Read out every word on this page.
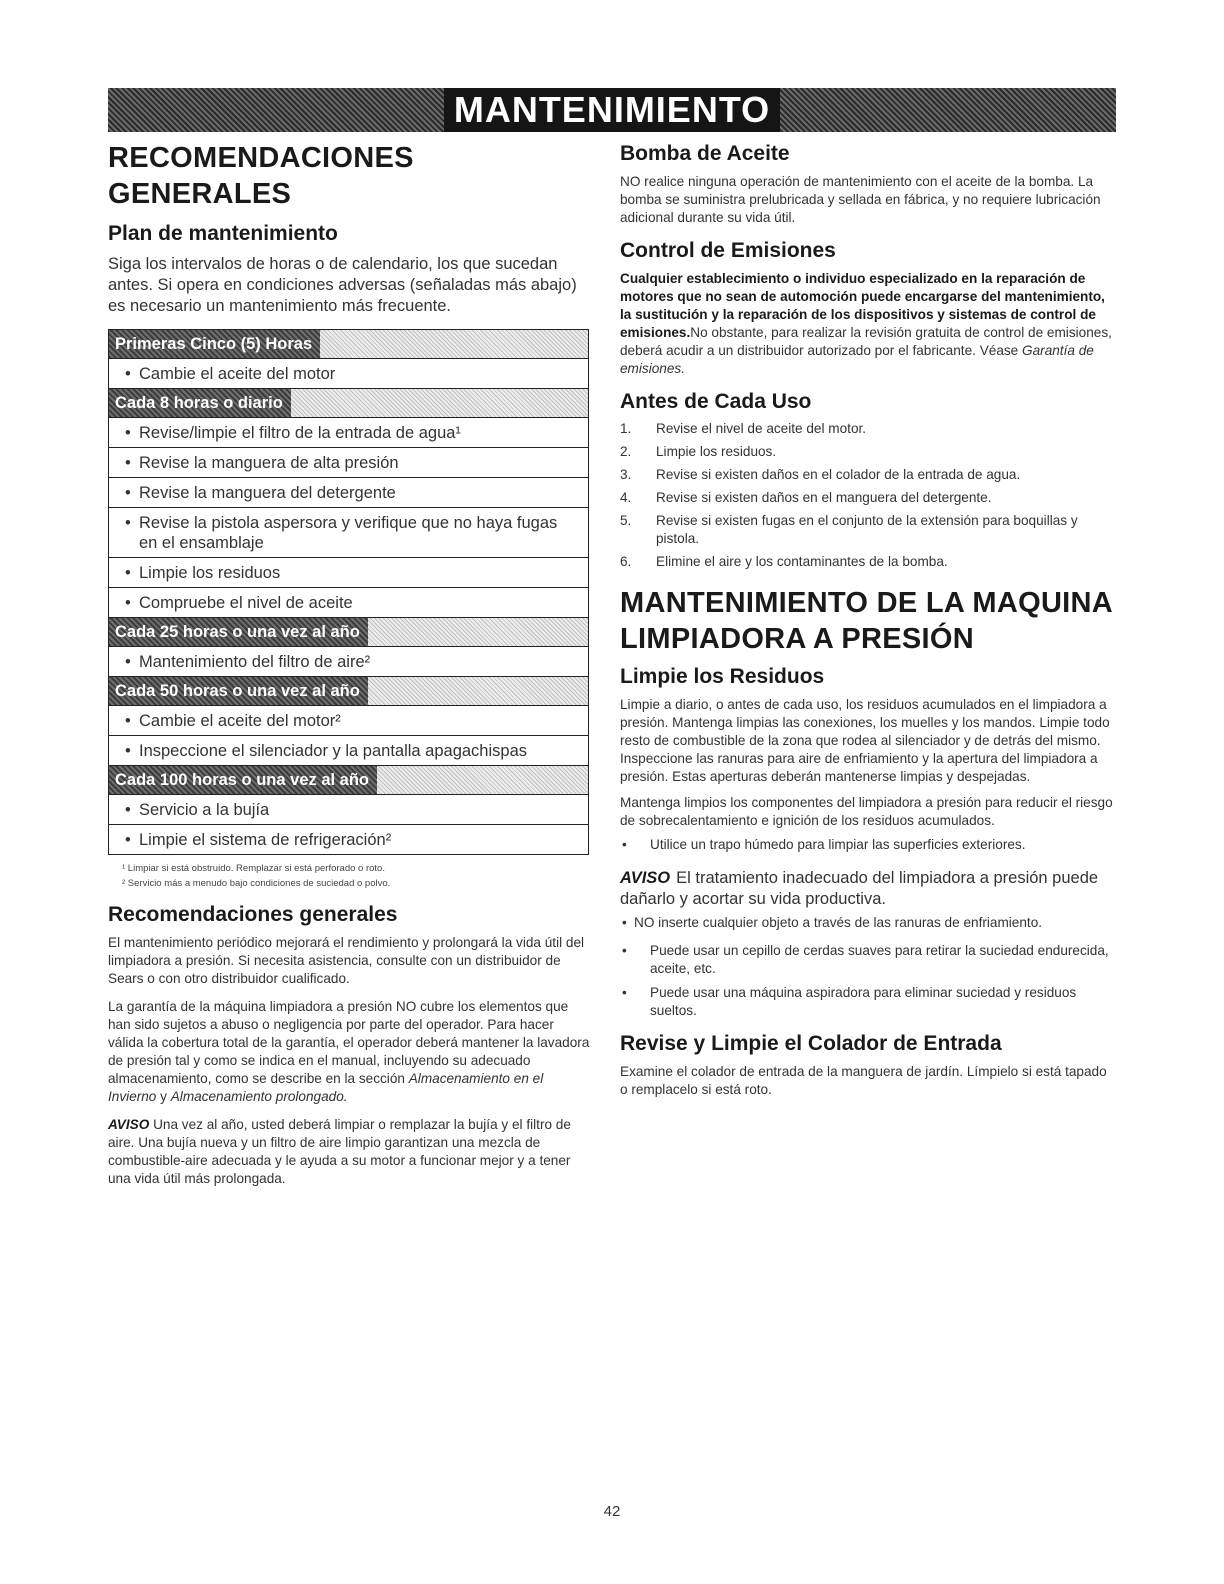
MANTENIMIENTO
RECOMENDACIONES GENERALES
Plan de mantenimiento

Siga los intervalos de horas o de calendario, los que sucedan antes. Si opera en condiciones adversas (señaladas más abajo) es necesario un mantenimiento más frecuente.

Primeras Cinco (5) Horas
• Cambie el aceite del motor
Cada 8 horas o diario
• Revise/limpie el filtro de la entrada de agua¹
• Revise la manguera de alta presión
• Revise la manguera del detergente
• Revise la pistola aspersora y verifique que no haya fugas en el ensamblaje
• Limpie los residuos
• Compruebe el nivel de aceite
Cada 25 horas o una vez al año
• Mantenimiento del filtro de aire²
Cada 50 horas o una vez al año
• Cambie el aceite del motor²
• Inspeccione el silenciador y la pantalla apagachispas
Cada 100 horas o una vez al año
• Servicio a la bujía
• Limpie el sistema de refrigeración²
¹ Limpiar si está obstruido. Remplazar si está perforado o roto.
² Servicio más a menudo bajo condiciones de suciedad o polvo.
Recomendaciones generales

El mantenimiento periódico mejorará el rendimiento y prolongará la vida útil del limpiadora a presión. Si necesita asistencia, consulte con un distribuidor de Sears o con otro distribuidor cualificado.

La garantía de la máquina limpiadora a presión NO cubre los elementos que han sido sujetos a abuso o negligencia por parte del operador. Para hacer válida la cobertura total de la garantía, el operador deberá mantener la lavadora de presión tal y como se indica en el manual, incluyendo su adecuado almacenamiento, como se describe en la sección Almacenamiento en el Invierno y Almacenamiento prolongado.

AVISO Una vez al año, usted deberá limpiar o remplazar la bujía y el filtro de aire. Una bujía nueva y un filtro de aire limpio garantizan una mezcla de combustible-aire adecuada y le ayuda a su motor a funcionar mejor y a tener una vida útil más prolongada.

Bomba de Aceite

NO realice ninguna operación de mantenimiento con el aceite de la bomba. La bomba se suministra prelubricada y sellada en fábrica, y no requiere lubricación adicional durante su vida útil.

Control de Emisiones

Cualquier establecimiento o individuo especializado en la reparación de motores que no sean de automoción puede encargarse del mantenimiento, la sustitución y la reparación de los dispositivos y sistemas de control de emisiones.No obstante, para realizar la revisión gratuita de control de emisiones, deberá acudir a un distribuidor autorizado por el fabricante. Véase Garantía de emisiones.

Antes de Cada Uso
1. Revise el nivel de aceite del motor.
2. Limpie los residuos.
3. Revise si existen daños en el colador de la entrada de agua.
4. Revise si existen daños en el manguera del detergente.
5. Revise si existen fugas en el conjunto de la extensión para boquillas y pistola.
6. Elimine el aire y los contaminantes de la bomba.
MANTENIMIENTO DE LA MAQUINA
LIMPIADORA A PRESIÓN
Limpie los Residuos

Limpie a diario, o antes de cada uso, los residuos acumulados en el limpiadora a presión. Mantenga limpias las conexiones, los muelles y los mandos. Limpie todo resto de combustible de la zona que rodea al silenciador y de detrás del mismo. Inspeccione las ranuras para aire de enfriamiento y la apertura del limpiadora a presión. Estas aperturas deberán mantenerse limpias y despejadas.

Mantenga limpios los componentes del limpiadora a presión para reducir el riesgo de sobrecalentamiento e ignición de los residuos acumulados.

• Utilice un trapo húmedo para limpiar las superficies exteriores.
AVISO El tratamiento inadecuado del limpiadora a presión puede dañarlo y acortar su vida productiva.
• NO inserte cualquier objeto a través de las ranuras de enfriamiento.
• Puede usar un cepillo de cerdas suaves para retirar la suciedad endurecida, aceite, etc.
• Puede usar una máquina aspiradora para eliminar suciedad y residuos sueltos.
Revise y Limpie el Colador de Entrada

Examine el colador de entrada de la manguera de jardín. Límpielo si está tapado o remplacelo si está roto.

42
